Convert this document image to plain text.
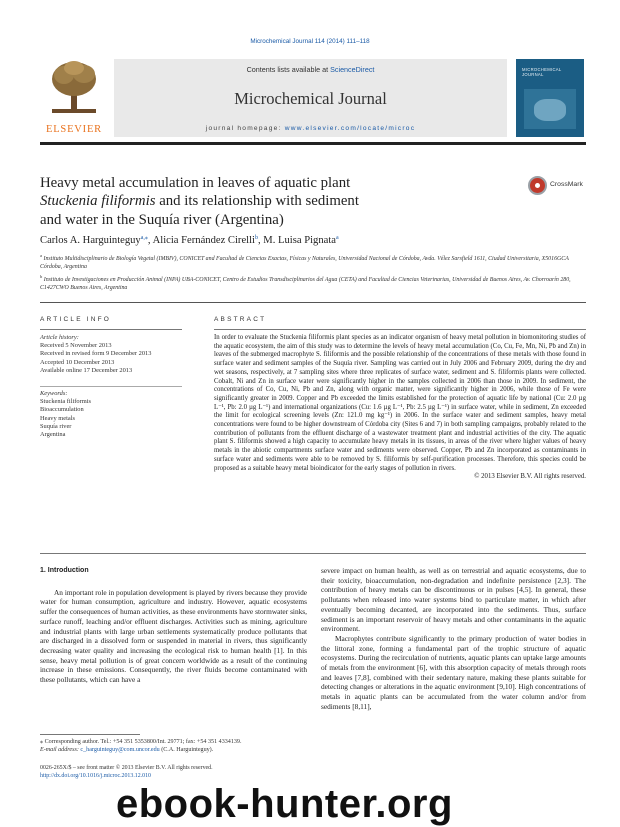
Microchemical Journal 114 (2014) 111–118
ELSEVIER
Contents lists available at ScienceDirect
Microchemical Journal
journal homepage: www.elsevier.com/locate/microc
MICROCHEMICAL JOURNAL
Heavy metal accumulation in leaves of aquatic plant
Stuckenia filiformis and its relationship with sediment
and water in the Suquía river (Argentina)
CrossMark
Carlos A. Harguinteguy$^{a,⁎}$, Alicia Fernández Cirelli$^b$, M. Luisa Pignata$^a$
$^a$ Instituto Multidisciplinario de Biología Vegetal (IMBIV), CONICET and Facultad de Ciencias Exactas, Físicas y Naturales, Universidad Nacional de Córdoba, Avda. Vélez Sarsfield 1611, Ciudad Universitaria, X5016GCA Córdoba, Argentina
$^b$ Instituto de Investigaciones en Producción Animal (INPA) UBA-CONICET, Centro de Estudios Transdisciplinarios del Agua (CETA) and Facultad de Ciencias Veterinarias, Universidad de Buenos Aires, Av. Chorroarín 280, C1427CWO Buenos Aires, Argentina
ARTICLE INFO	ABSTRACT
Article history:
Received 5 November 2013
Received in revised form 9 December 2013
Accepted 10 December 2013
Available online 17 December 2013
Keywords:
Stuckenia filiformis
Bioaccumulation
Heavy metals
Suquía river
Argentina
In order to evaluate the Stuckenia filiformis plant species as an indicator organism of heavy metal pollution in biomonitoring studies of the aquatic ecosystem, the aim of this study was to determine the levels of heavy metal accumulation (Co, Cu, Fe, Mn, Ni, Pb and Zn) in leaves of the submerged macrophyte S. filiformis and the possible relationship of the concentrations of these metals with those found in surface water and sediment samples of the Suquía river. Sampling was carried out in July 2006 and February 2009, during the dry and wet seasons, respectively, at 7 sampling sites where three replicates of surface water, sediment and S. filiformis plants were collected. Cobalt, Ni and Zn in surface water were significantly higher in the samples collected in 2006 than those in 2009. In sediment, the concentrations of Co, Cu, Ni, Pb and Zn, along with organic matter, were significantly higher in 2006, while those of Fe were significantly greater in 2009. Copper and Pb exceeded the limits established for the protection of aquatic life by national (Cu: 2.0 µg L⁻¹, Pb: 2.0 µg L⁻¹) and international organizations (Cu: 1.6 µg L⁻¹, Pb: 2.5 µg L⁻¹) in surface water, while in sediment, Zn exceeded the limit for ecological screening levels (Zn: 121.0 mg kg⁻¹) in 2006. In the surface water and sediment samples, heavy metal concentrations were found to be higher downstream of Córdoba city (Sites 6 and 7) in both sampling campaigns, probably related to the contribution of pollutants from the effluent discharge of a wastewater treatment plant and industrial activities of the city. The aquatic plant S. filiformis showed a high capacity to accumulate heavy metals in its tissues, in areas of the river where higher values of heavy metals in the abiotic compartments surface water and sediments were observed. Copper, Pb and Zn incorporated as contaminants in surface water and sediments were able to be removed by S. filiformis by self-purification processes. Therefore, this species could be proposed as a suitable heavy metal bioindicator for the early stages of pollution in rivers.
© 2013 Elsevier B.V. All rights reserved.
1. Introduction

An important role in population development is played by rivers because they provide water for human consumption, agriculture and industry. However, aquatic ecosystems suffer the consequences of human activities, as these environments have stormwater sinks, surface runoff, leaching and/or effluent discharges. Activities such as mining, agriculture and industrial plants with large urban settlements systematically produce pollutants that are discharged in a dissolved form or suspended in material in rivers, thus significantly decreasing water quality and increasing the ecological risk to human health [1]. In this sense, heavy metal pollution is of great concern worldwide as a result of the continuing increase in these emissions. Consequently, the river fluids become contaminated with these pollutants, which can have a

severe impact on human health, as well as on terrestrial and aquatic ecosystems, due to their toxicity, bioaccumulation, non-degradation and indefinite persistence [2,3]. The contribution of heavy metals can be discontinuous or in pulses [4,5]. In general, these pollutants when released into water systems bind to particulate matter, in which after eventually becoming decanted, are incorporated into the sediments. Thus, surface sediment is an important reservoir of heavy metals and other contaminants in the aquatic environment.

Macrophytes contribute significantly to the primary production of water bodies in the littoral zone, forming a fundamental part of the trophic structure of aquatic ecosystems. During the recirculation of nutrients, aquatic plants can uptake large amounts of metals from the environment [6], with this absorption capacity of metals through roots and leaves [7,8], combined with their sedentary nature, making these plants suitable for detecting changes or alterations in the aquatic environment [9,10]. High concentrations of metals in aquatic plants can be accumulated from the water column and/or from sediments [8,11],

⁎ Corresponding author. Tel.: +54 351 5353800/Int. 29771; fax: +54 351 4334139.
E-mail address: c_harguinteguy@com.uncor.edu (C.A. Harguinteguy).
0026-265X/$ – see front matter © 2013 Elsevier B.V. All rights reserved.
http://dx.doi.org/10.1016/j.microc.2013.12.010
ebook-hunter.org
